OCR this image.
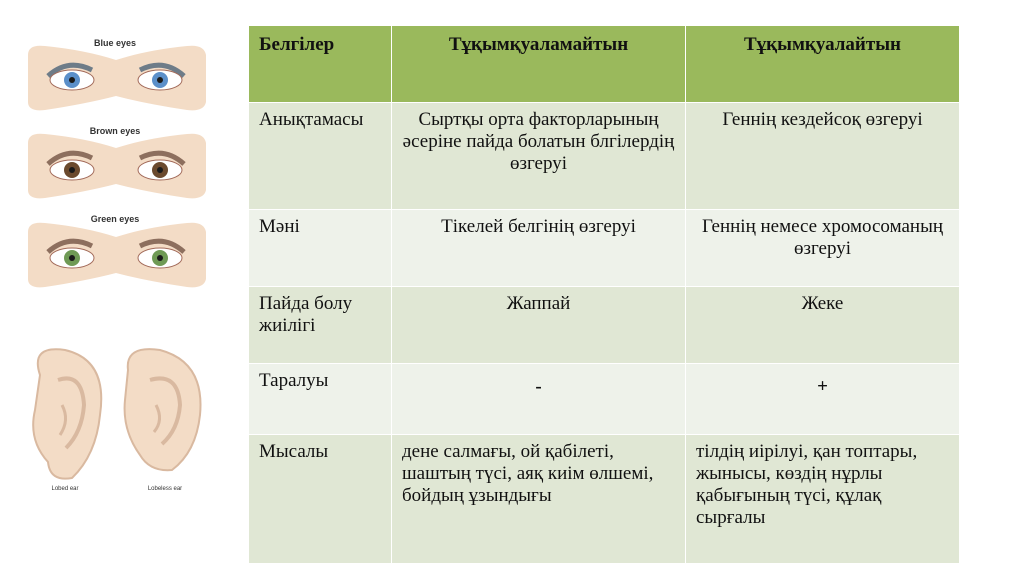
Blue eyes
Brown eyes
Green eyes
Lobed ear	Lobeless ear
Белгілер	Тұқымқуаламайтын	Тұқымқуалайтын
Анықтамасы	Сыртқы орта факторларының әсеріне пайда болатын блгілердің өзгеруі	Геннің кездейсоқ өзгеруі
Мәні	Тікелей белгінің өзгеруі	Геннің немесе хромосоманың өзгеруі
Пайда болу жиілігі	Жаппай	Жеке
Таралуы	-	+
Мысалы	дене салмағы, ой қабілеті, шаштың түсі, аяқ киім өлшемі, бойдың ұзындығы	тілдің иірілуі, қан топтары, жынысы, көздің нұрлы қабығының түсі, құлақ сырғалы
